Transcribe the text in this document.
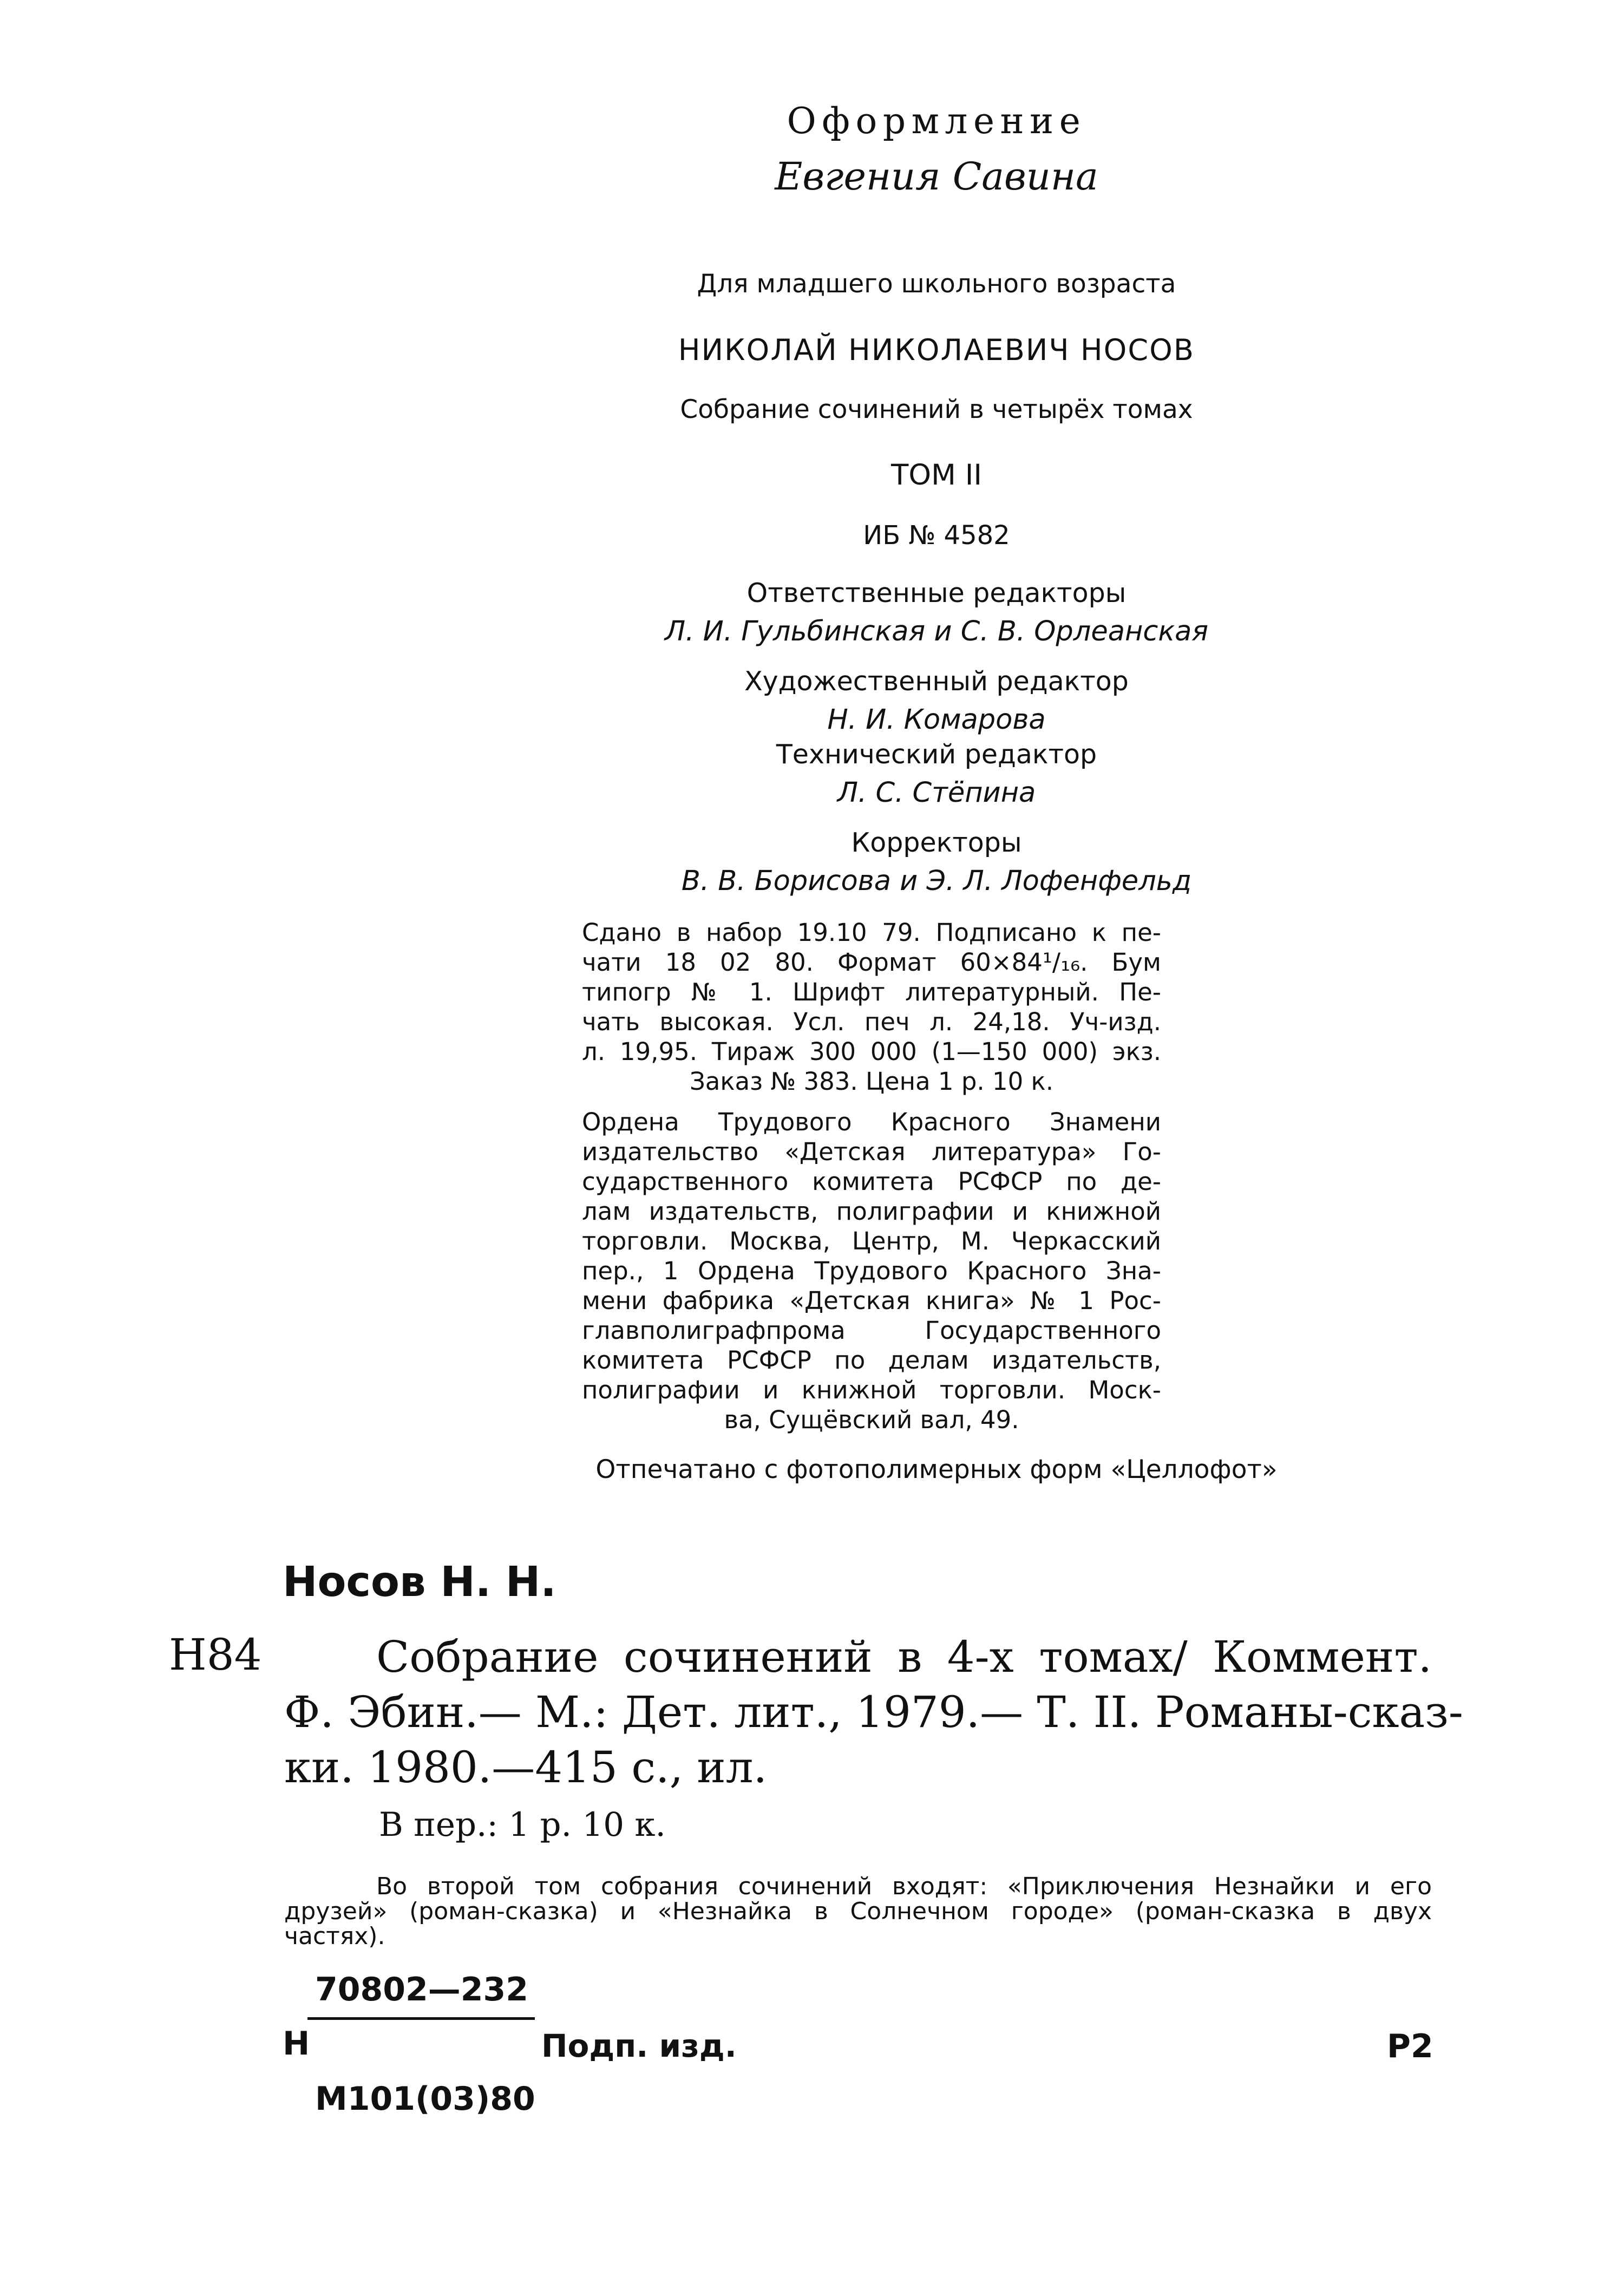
Оформление
Евгения Савина
Для младшего школьного возраста
НИКОЛАЙ НИКОЛАЕВИЧ НОСОВ
Собрание сочинений в четырёх томах
ТОМ II
ИБ № 4582
Ответственные редакторы
Л. И. Гульбинская и С. В. Орлеанская
Художественный редактор
Н. И. Комарова
Технический редактор
Л. С. Стёпина
Корректоры
В. В. Борисова и Э. Л. Лофенфельд
Сдано в набор 19.10 79. Подписано к пе-
чати 18 02 80. Формат 60×84¹/₁₆. Бум
типогр № 1. Шрифт литературный. Пе-
чать высокая. Усл. печ л. 24,18. Уч-изд.
л. 19,95. Тираж 300 000 (1—150 000) экз.
Заказ № 383. Цена 1 р. 10 к.
Ордена Трудового Красного Знамени
издательство «Детская литература» Го-
сударственного комитета РСФСР по де-
лам издательств, полиграфии и книжной
торговли. Москва, Центр, М. Черкасский
пер., 1 Ордена Трудового Красного Зна-
мени фабрика «Детская книга» № 1 Рос-
главполиграфпрома Государственного
комитета РСФСР по делам издательств,
полиграфии и книжной торговли. Моск-
ва, Сущёвский вал, 49.
Отпечатано с фотополимерных форм «Целлофот»
Носов Н. Н.
Н84	Собрание сочинений в 4-х томах/ Коммент.
Ф. Эбин.— М.: Дет. лит., 1979.— Т. II. Романы-сказ-
ки. 1980.—415 с., ил.
В пер.: 1 р. 10 к.
Во второй том собрания сочинений входят: «Приключения Незнайки и его
друзей» (роман-сказка) и «Незнайка в Солнечном городе» (роман-сказка в двух
частях).
Н
70802—232
М101(03)80
Подп. изд.	Р2
